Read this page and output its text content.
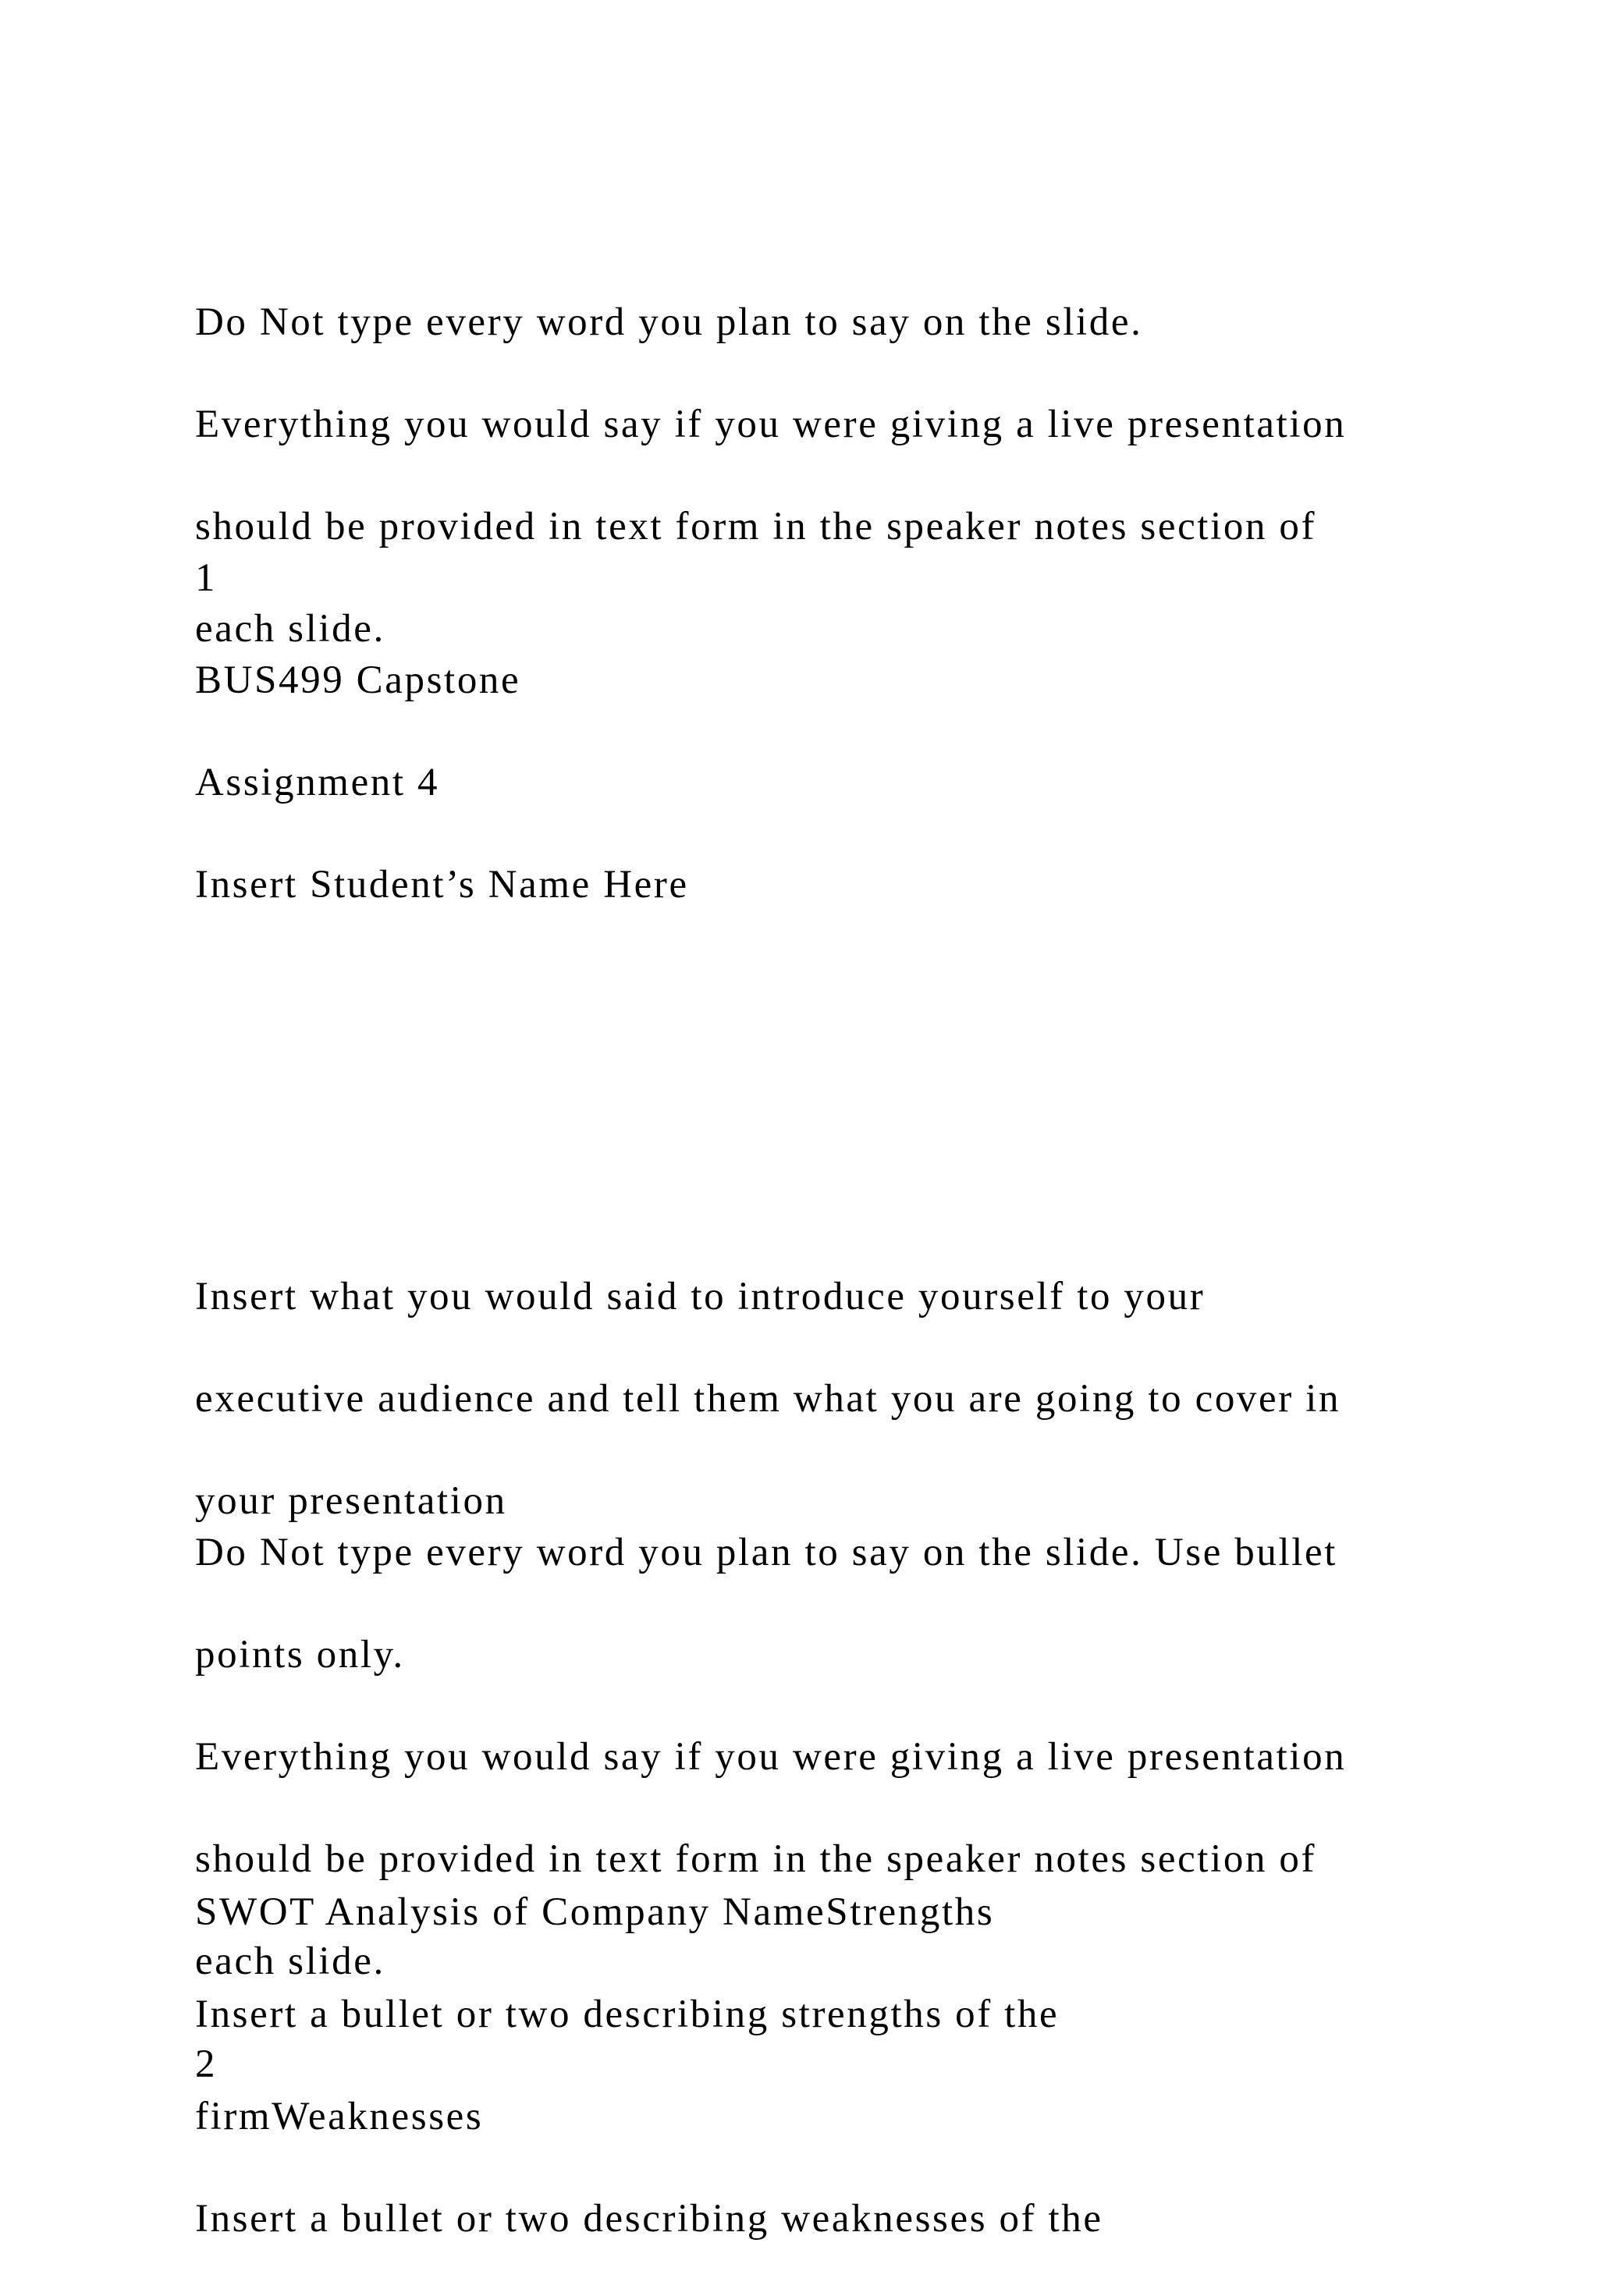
Do Not type every word you plan to say on the slide.

Everything you would say if you were giving a live presentation

should be provided in text form in the speaker notes section of

each slide.

1

BUS499 Capstone

Assignment 4

Insert Student’s Name Here

Insert what you would said to introduce yourself to your

executive audience and tell them what you are going to cover in

your presentation

Do Not type every word you plan to say on the slide. Use bullet

points only.

Everything you would say if you were giving a live presentation

should be provided in text form in the speaker notes section of

each slide.

2

SWOT Analysis of Company NameStrengths

Insert a bullet or two describing strengths of the

firmWeaknesses

Insert a bullet or two describing weaknesses of the
